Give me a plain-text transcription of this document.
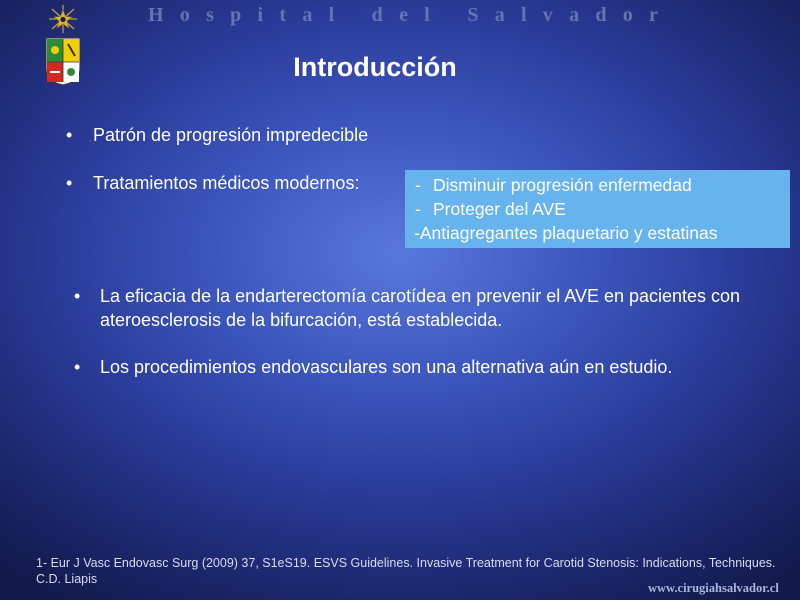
H o s p i t a l
d e l
S a l v a d o r
Introducción
• Patrón de progresión impredecible
• Tratamientos médicos modernos:	- Disminuir progresión enfermedad
- Proteger del AVE
-Antiagregantes plaquetario y estatinas
• La eficacia de la endarterectomía carotídea en prevenir el AVE en pacientes con ateroesclerosis de la bifurcación, está establecida.
• Los procedimientos endovasculares son una alternativa aún en estudio.
1- Eur J Vasc Endovasc Surg (2009) 37, S1eS19. ESVS Guidelines. Invasive Treatment for Carotid Stenosis: Indications, Techniques. C.D. Liapis
www.cirugiahsalvador.cl
